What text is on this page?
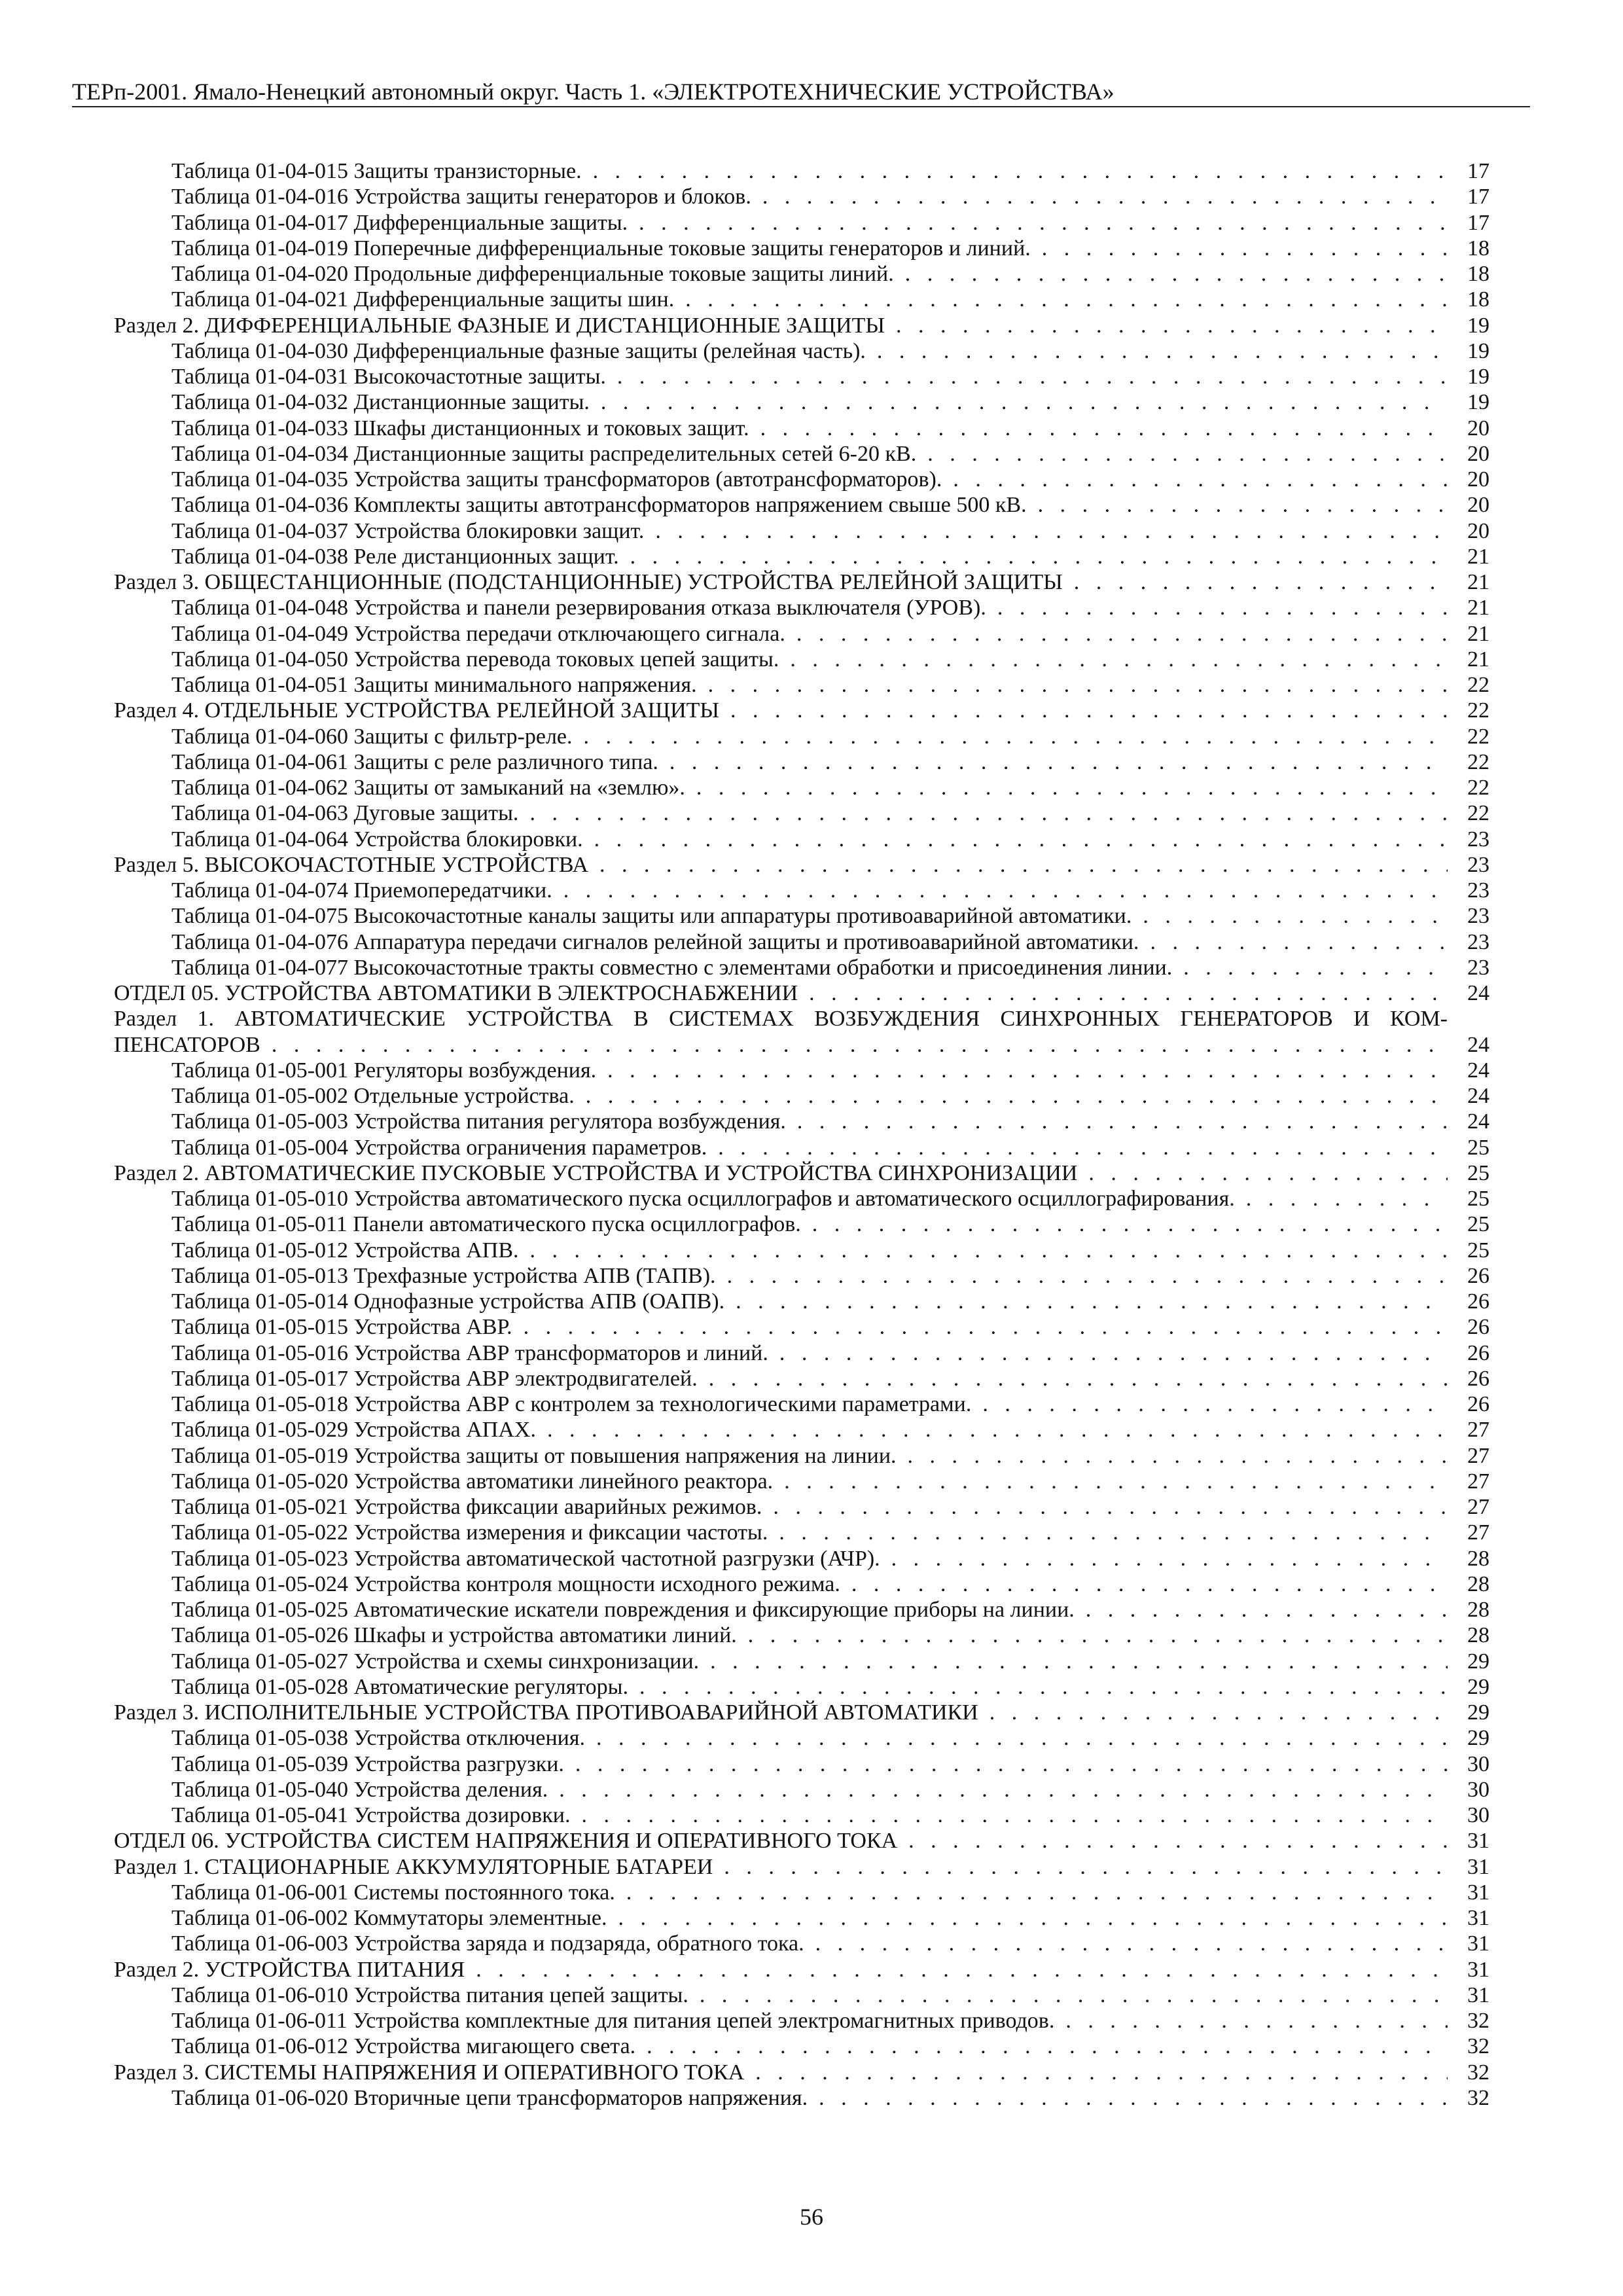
ТЕРп-2001. Ямало-Ненецкий автономный округ. Часть 1. «ЭЛЕКТРОТЕХНИЧЕСКИЕ УСТРОЙСТВА»
Таблица 01-04-015 Защиты транзисторные. . . .	17
Таблица 01-04-016 Устройства защиты генераторов и блоков. . . .	17
Таблица 01-04-017 Дифференциальные защиты. . . .	17
Таблица 01-04-019 Поперечные дифференциальные токовые защиты генераторов и линий. . . .	18
Таблица 01-04-020 Продольные дифференциальные токовые защиты линий. . . .	18
Таблица 01-04-021 Дифференциальные защиты шин. . . .	18
Раздел 2. ДИФФЕРЕНЦИАЛЬНЫЕ ФАЗНЫЕ И ДИСТАНЦИОННЫЕ ЗАЩИТЫ . . .	19
Таблица 01-04-030 Дифференциальные фазные защиты (релейная часть). . . .	19
Таблица 01-04-031 Высокочастотные защиты. . . .	19
Таблица 01-04-032 Дистанционные защиты. . . .	19
Таблица 01-04-033 Шкафы дистанционных и токовых защит. . . .	20
Таблица 01-04-034 Дистанционные защиты распределительных сетей 6-20 кВ. . . .	20
Таблица 01-04-035 Устройства защиты трансформаторов (автотрансформаторов). . . .	20
Таблица 01-04-036 Комплекты защиты автотрансформаторов напряжением свыше 500 кВ. . . .	20
Таблица 01-04-037 Устройства блокировки защит. . . .	20
Таблица 01-04-038 Реле дистанционных защит. . . .	21
Раздел 3. ОБЩЕСТАНЦИОННЫЕ (ПОДСТАНЦИОННЫЕ) УСТРОЙСТВА РЕЛЕЙНОЙ ЗАЩИТЫ . . .	21
Таблица 01-04-048 Устройства и панели резервирования отказа выключателя (УРОВ). . . .	21
Таблица 01-04-049 Устройства передачи отключающего сигнала. . . .	21
Таблица 01-04-050 Устройства перевода токовых цепей защиты. . . .	21
Таблица 01-04-051 Защиты минимального напряжения. . . .	22
Раздел 4. ОТДЕЛЬНЫЕ УСТРОЙСТВА РЕЛЕЙНОЙ ЗАЩИТЫ . . .	22
Таблица 01-04-060 Защиты с фильтр-реле. . . .	22
Таблица 01-04-061 Защиты с реле различного типа. . . .	22
Таблица 01-04-062 Защиты от замыканий на «землю». . . .	22
Таблица 01-04-063 Дуговые защиты. . . .	22
Таблица 01-04-064 Устройства блокировки. . . .	23
Раздел 5. ВЫСОКОЧАСТОТНЫЕ УСТРОЙСТВА . . .	23
Таблица 01-04-074 Приемопередатчики. . . .	23
Таблица 01-04-075 Высокочастотные каналы защиты или аппаратуры противоаварийной автоматики. . . .	23
Таблица 01-04-076 Аппаратура передачи сигналов релейной защиты и противоаварийной автоматики. . . .	23
Таблица 01-04-077 Высокочастотные тракты совместно с элементами обработки и присоединения линии. . . .	23
ОТДЕЛ 05. УСТРОЙСТВА АВТОМАТИКИ В ЭЛЕКТРОСНАБЖЕНИИ . . .	24
Раздел 1. АВТОМАТИЧЕСКИЕ УСТРОЙСТВА В СИСТЕМАХ ВОЗБУЖДЕНИЯ СИНХРОННЫХ ГЕНЕРАТОРОВ И КОМ-
ПЕНСАТОРОВ . . .	24
Таблица 01-05-001 Регуляторы возбуждения. . . .	24
Таблица 01-05-002 Отдельные устройства. . . .	24
Таблица 01-05-003 Устройства питания регулятора возбуждения. . . .	24
Таблица 01-05-004 Устройства ограничения параметров. . . .	25
Раздел 2. АВТОМАТИЧЕСКИЕ ПУСКОВЫЕ УСТРОЙСТВА И УСТРОЙСТВА СИНХРОНИЗАЦИИ . . .	25
Таблица 01-05-010 Устройства автоматического пуска осциллографов и автоматического осциллографирования. . . .	25
Таблица 01-05-011 Панели автоматического пуска осциллографов. . . .	25
Таблица 01-05-012 Устройства АПВ. . . .	25
Таблица 01-05-013 Трехфазные устройства АПВ (ТАПВ). . . .	26
Таблица 01-05-014 Однофазные устройства АПВ (ОАПВ). . . .	26
Таблица 01-05-015 Устройства АВР. . . .	26
Таблица 01-05-016 Устройства АВР трансформаторов и линий. . . .	26
Таблица 01-05-017 Устройства АВР электродвигателей. . . .	26
Таблица 01-05-018 Устройства АВР с контролем за технологическими параметрами. . . .	26
Таблица 01-05-029 Устройства АПАХ. . . .	27
Таблица 01-05-019 Устройства защиты от повышения напряжения на линии. . . .	27
Таблица 01-05-020 Устройства автоматики линейного реактора. . . .	27
Таблица 01-05-021 Устройства фиксации аварийных режимов. . . .	27
Таблица 01-05-022 Устройства измерения и фиксации частоты. . . .	27
Таблица 01-05-023 Устройства автоматической частотной разгрузки (АЧР). . . .	28
Таблица 01-05-024 Устройства контроля мощности исходного режима. . . .	28
Таблица 01-05-025 Автоматические искатели повреждения и фиксирующие приборы на линии. . . .	28
Таблица 01-05-026 Шкафы и устройства автоматики линий. . . .	28
Таблица 01-05-027 Устройства и схемы синхронизации. . . .	29
Таблица 01-05-028 Автоматические регуляторы. . . .	29
Раздел 3. ИСПОЛНИТЕЛЬНЫЕ УСТРОЙСТВА ПРОТИВОАВАРИЙНОЙ АВТОМАТИКИ . . .	29
Таблица 01-05-038 Устройства отключения. . . .	29
Таблица 01-05-039 Устройства разгрузки. . . .	30
Таблица 01-05-040 Устройства деления. . . .	30
Таблица 01-05-041 Устройства дозировки. . . .	30
ОТДЕЛ 06. УСТРОЙСТВА СИСТЕМ НАПРЯЖЕНИЯ И ОПЕРАТИВНОГО ТОКА . . .	31
Раздел 1. СТАЦИОНАРНЫЕ АККУМУЛЯТОРНЫЕ БАТАРЕИ . . .	31
Таблица 01-06-001 Системы постоянного тока. . . .	31
Таблица 01-06-002 Коммутаторы элементные. . . .	31
Таблица 01-06-003 Устройства заряда и подзаряда, обратного тока. . . .	31
Раздел 2. УСТРОЙСТВА ПИТАНИЯ . . .	31
Таблица 01-06-010 Устройства питания цепей защиты. . . .	31
Таблица 01-06-011 Устройства комплектные для питания цепей электромагнитных приводов. . . .	32
Таблица 01-06-012 Устройства мигающего света. . . .	32
Раздел 3. СИСТЕМЫ НАПРЯЖЕНИЯ И ОПЕРАТИВНОГО ТОКА . . .	32
Таблица 01-06-020 Вторичные цепи трансформаторов напряжения. . . .	32
56
